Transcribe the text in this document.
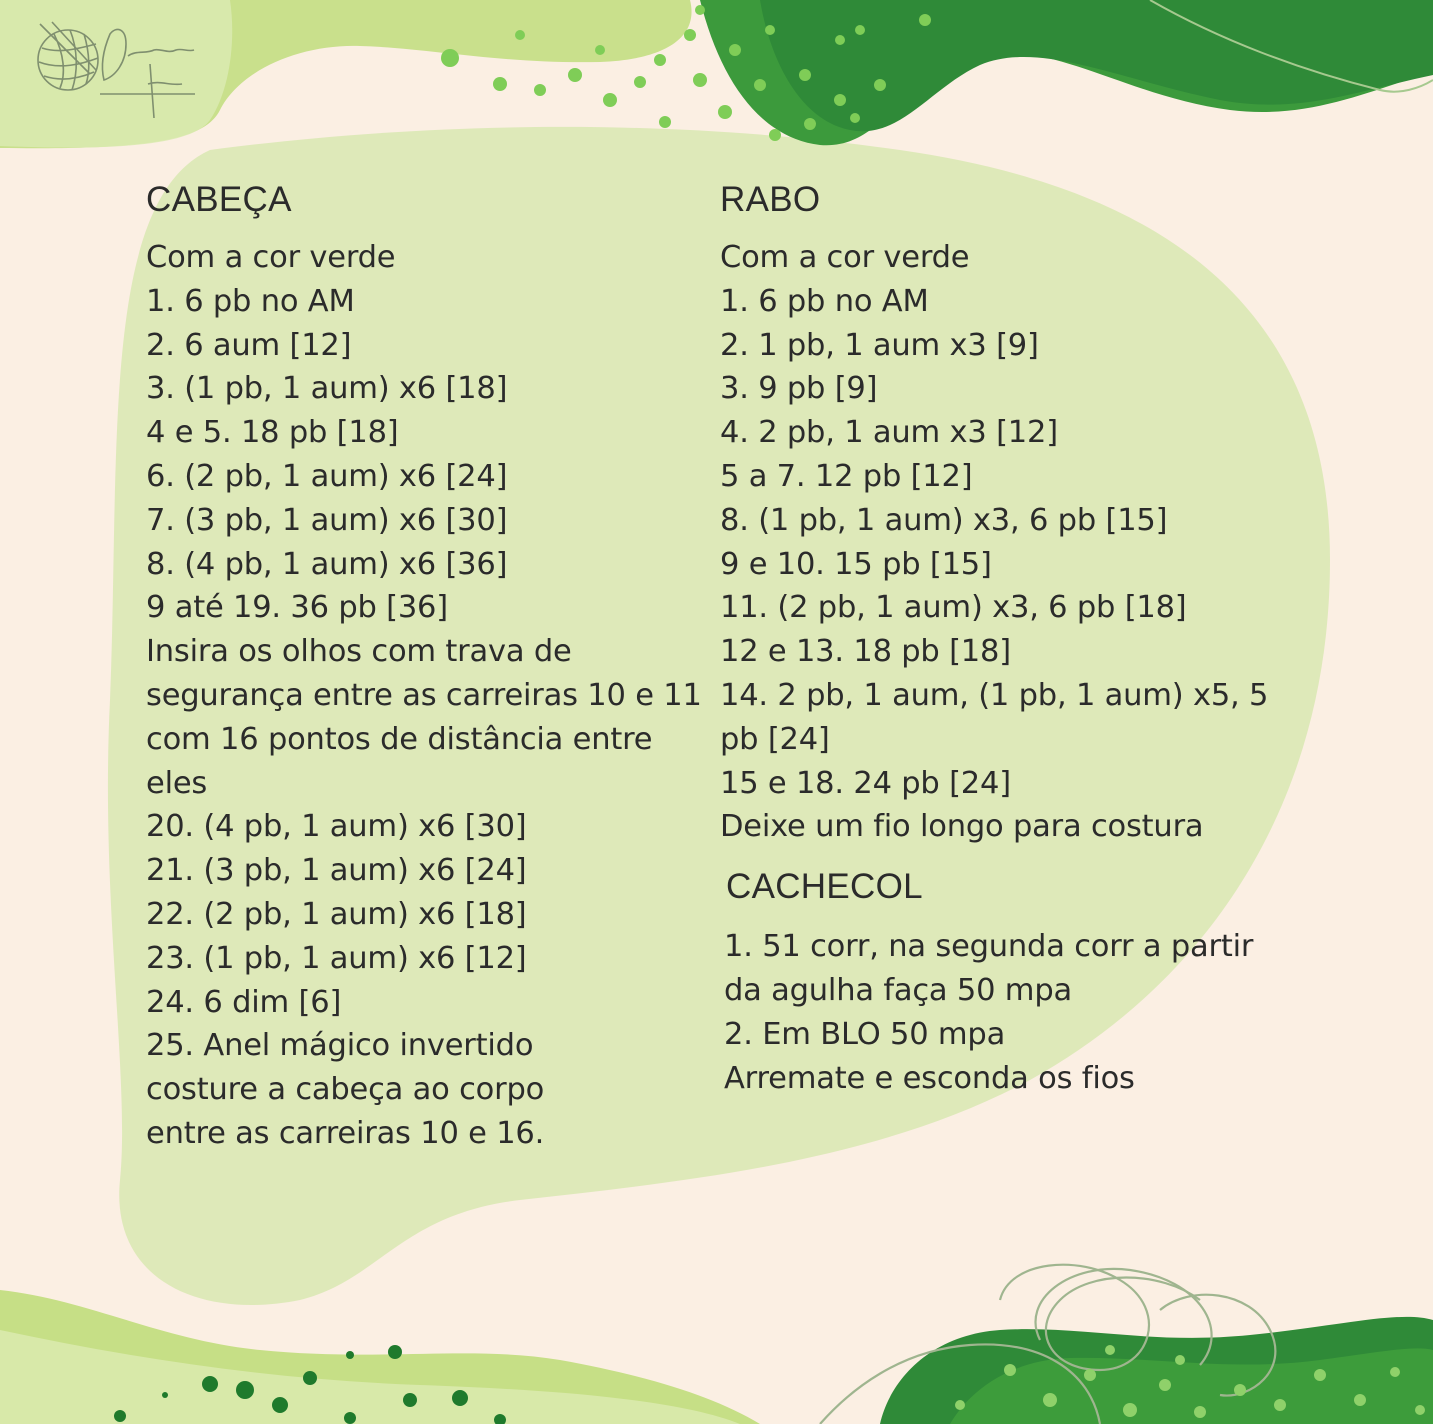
CABEÇA
Com a cor verde
1. 6 pb no AM
2. 6 aum [12]
3. (1 pb, 1 aum) x6 [18]
4 e 5. 18 pb [18]
6. (2 pb, 1 aum) x6 [24]
7. (3 pb, 1 aum) x6 [30]
8. (4 pb, 1 aum) x6 [36]
9 até 19. 36 pb [36]
Insira os olhos com trava de
segurança entre as carreiras 10 e 11
com 16 pontos de distância entre
eles
20. (4 pb, 1 aum) x6 [30]
21. (3 pb, 1 aum) x6 [24]
22. (2 pb, 1 aum) x6 [18]
23. (1 pb, 1 aum) x6 [12]
24. 6 dim [6]
25. Anel mágico invertido
costure a cabeça ao corpo
entre as carreiras 10 e 16.
RABO
Com a cor verde
1. 6 pb no AM
2. 1 pb, 1 aum x3 [9]
3. 9 pb [9]
4. 2 pb, 1 aum x3 [12]
5 a 7. 12 pb [12]
8. (1 pb, 1 aum) x3, 6 pb [15]
9 e 10. 15 pb [15]
11. (2 pb, 1 aum) x3, 6 pb [18]
12 e 13. 18 pb [18]
14. 2 pb, 1 aum, (1 pb, 1 aum) x5, 5 pb [24]
15 e 18. 24 pb [24]
Deixe um fio longo para costura
CACHECOL
1. 51 corr, na segunda corr a partir
da agulha faça 50 mpa
2. Em BLO 50 mpa
Arremate e esconda os fios
